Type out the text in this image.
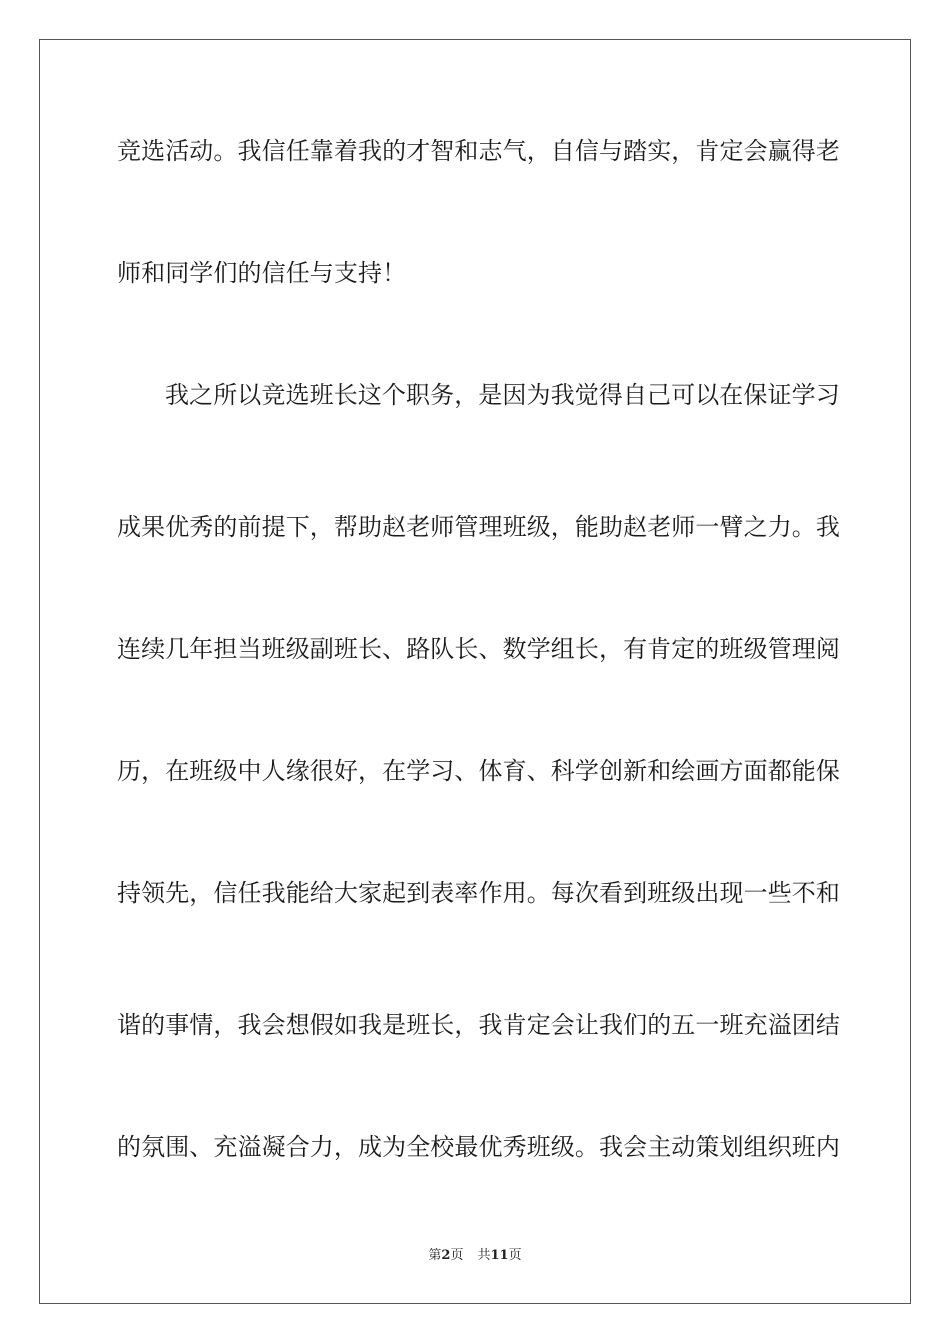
竞选活动。我信任靠着我的才智和志气，自信与踏实，肯定会赢得老
师和同学们的信任与支持！
我之所以竞选班长这个职务，是因为我觉得自己可以在保证学习
成果优秀的前提下，帮助赵老师管理班级，能助赵老师一臂之力。我
连续几年担当班级副班长、路队长、数学组长，有肯定的班级管理阅
历，在班级中人缘很好，在学习、体育、科学创新和绘画方面都能保
持领先，信任我能给大家起到表率作用。每次看到班级出现一些不和
谐的事情，我会想假如我是班长，我肯定会让我们的五一班充溢团结
的氛围、充溢凝合力，成为全校最优秀班级。我会主动策划组织班内
第2页 共11页
